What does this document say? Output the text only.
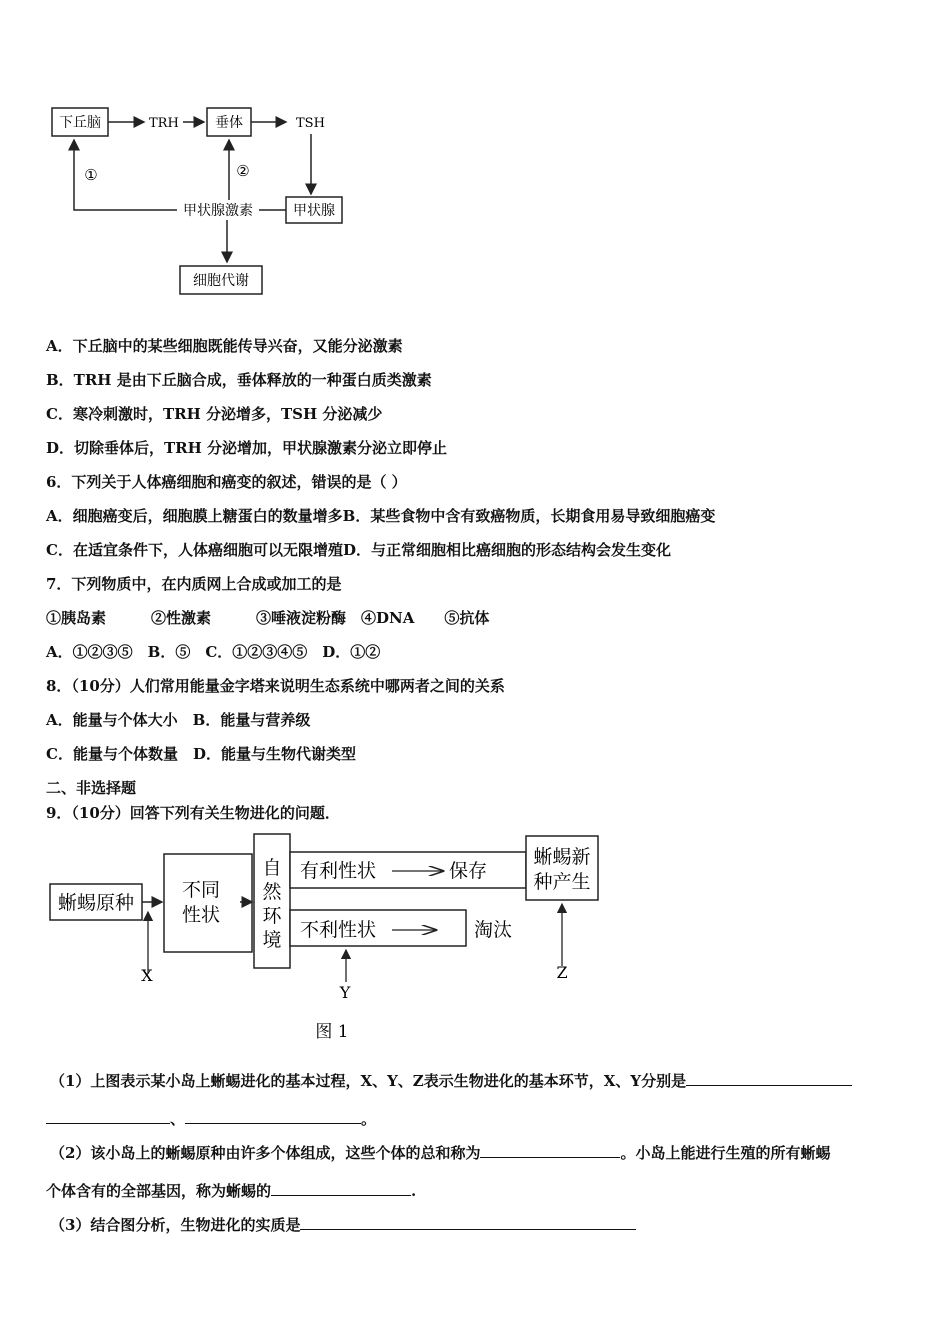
下丘脑	TRH	垂体	TSH
甲状腺
甲状腺激素
①	②
细胞代谢
A．下丘脑中的某些细胞既能传导兴奋，又能分泌激素
B．TRH 是由下丘脑合成，垂体释放的一种蛋白质类激素
C．寒冷刺激时，TRH 分泌增多，TSH 分泌减少
D．切除垂体后，TRH 分泌增加，甲状腺激素分泌立即停止
6．下列关于人体癌细胞和癌变的叙述，错误的是（ ）
A．细胞癌变后，细胞膜上糖蛋白的数量增多B．某些食物中含有致癌物质，长期食用易导致细胞癌变
C．在适宜条件下，人体癌细胞可以无限增殖D．与正常细胞相比癌细胞的形态结构会发生变化
7．下列物质中，在内质网上合成或加工的是
①胰岛素　　　②性激素　　　③唾液淀粉酶　④DNA　　⑤抗体
A．①②③⑤　B．⑤　C．①②③④⑤　D．①②
8．（10分）人们常用能量金字塔来说明生态系统中哪两者之间的关系
A．能量与个体大小　B．能量与营养级
C．能量与个体数量　D．能量与生物代谢类型
二、非选择题
9．（10分）回答下列有关生物进化的问题．
蜥蜴原种
X
不同
性状
自
然
环
境
有利性状	保存
蜥蜴新
种产生
不利性状	淘汰
Y
Z
图 1
（1）上图表示某小岛上蜥蜴进化的基本过程，X、Y、Z表示生物进化的基本环节，X、Y分别是
、	。
（2）该小岛上的蜥蜴原种由许多个体组成，这些个体的总和称为	。小岛上能进行生殖的所有蜥蜴
个体含有的全部基因，称为蜥蜴的	.
（3）结合图分析，生物进化的实质是
